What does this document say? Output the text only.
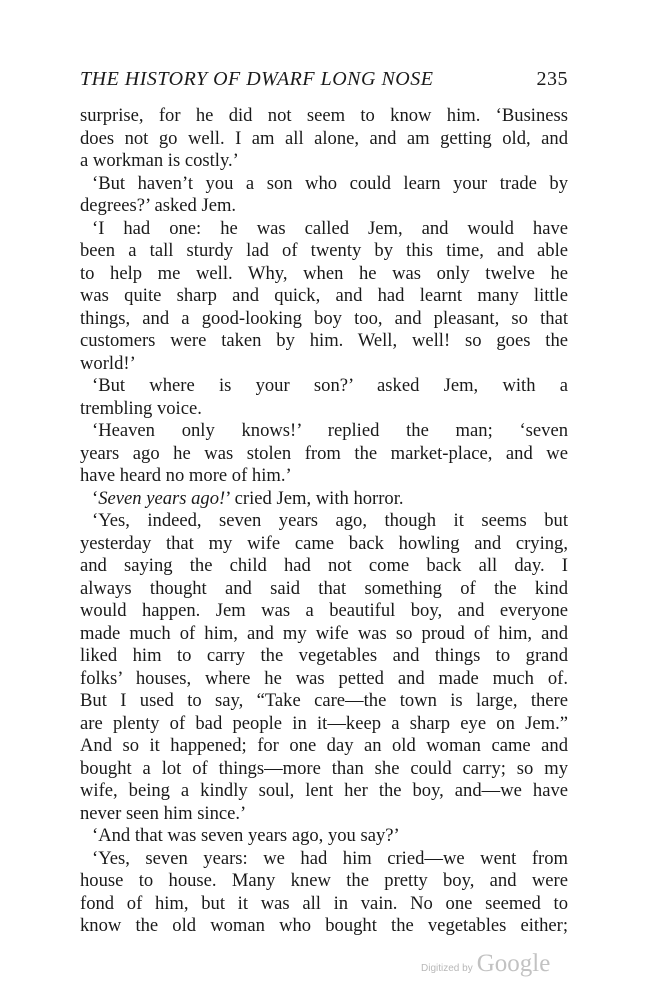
THE HISTORY OF DWARF LONG NOSE	235
surprise, for he did not seem to know him. ‘Business
does not go well. I am all alone, and am getting old, and
a workman is costly.’
‘But haven’t you a son who could learn your trade by
degrees?’ asked Jem.
‘I had one: he was called Jem, and would have
been a tall sturdy lad of twenty by this time, and able
to help me well. Why, when he was only twelve he
was quite sharp and quick, and had learnt many little
things, and a good-looking boy too, and pleasant, so that
customers were taken by him. Well, well! so goes the
world!’
‘But where is your son?’ asked Jem, with a
trembling voice.
‘Heaven only knows!’ replied the man; ‘seven
years ago he was stolen from the market-place, and we
have heard no more of him.’
‘Seven years ago!’ cried Jem, with horror.
‘Yes, indeed, seven years ago, though it seems but
yesterday that my wife came back howling and crying,
and saying the child had not come back all day. I
always thought and said that something of the kind
would happen. Jem was a beautiful boy, and everyone
made much of him, and my wife was so proud of him, and
liked him to carry the vegetables and things to grand
folks’ houses, where he was petted and made much of.
But I used to say, “Take care—the town is large, there
are plenty of bad people in it—keep a sharp eye on Jem.”
And so it happened; for one day an old woman came and
bought a lot of things—more than she could carry; so my
wife, being a kindly soul, lent her the boy, and—we have
never seen him since.’
‘And that was seven years ago, you say?’
‘Yes, seven years: we had him cried—we went from
house to house. Many knew the pretty boy, and were
fond of him, but it was all in vain. No one seemed to
know the old woman who bought the vegetables either;
Digitized by Google
